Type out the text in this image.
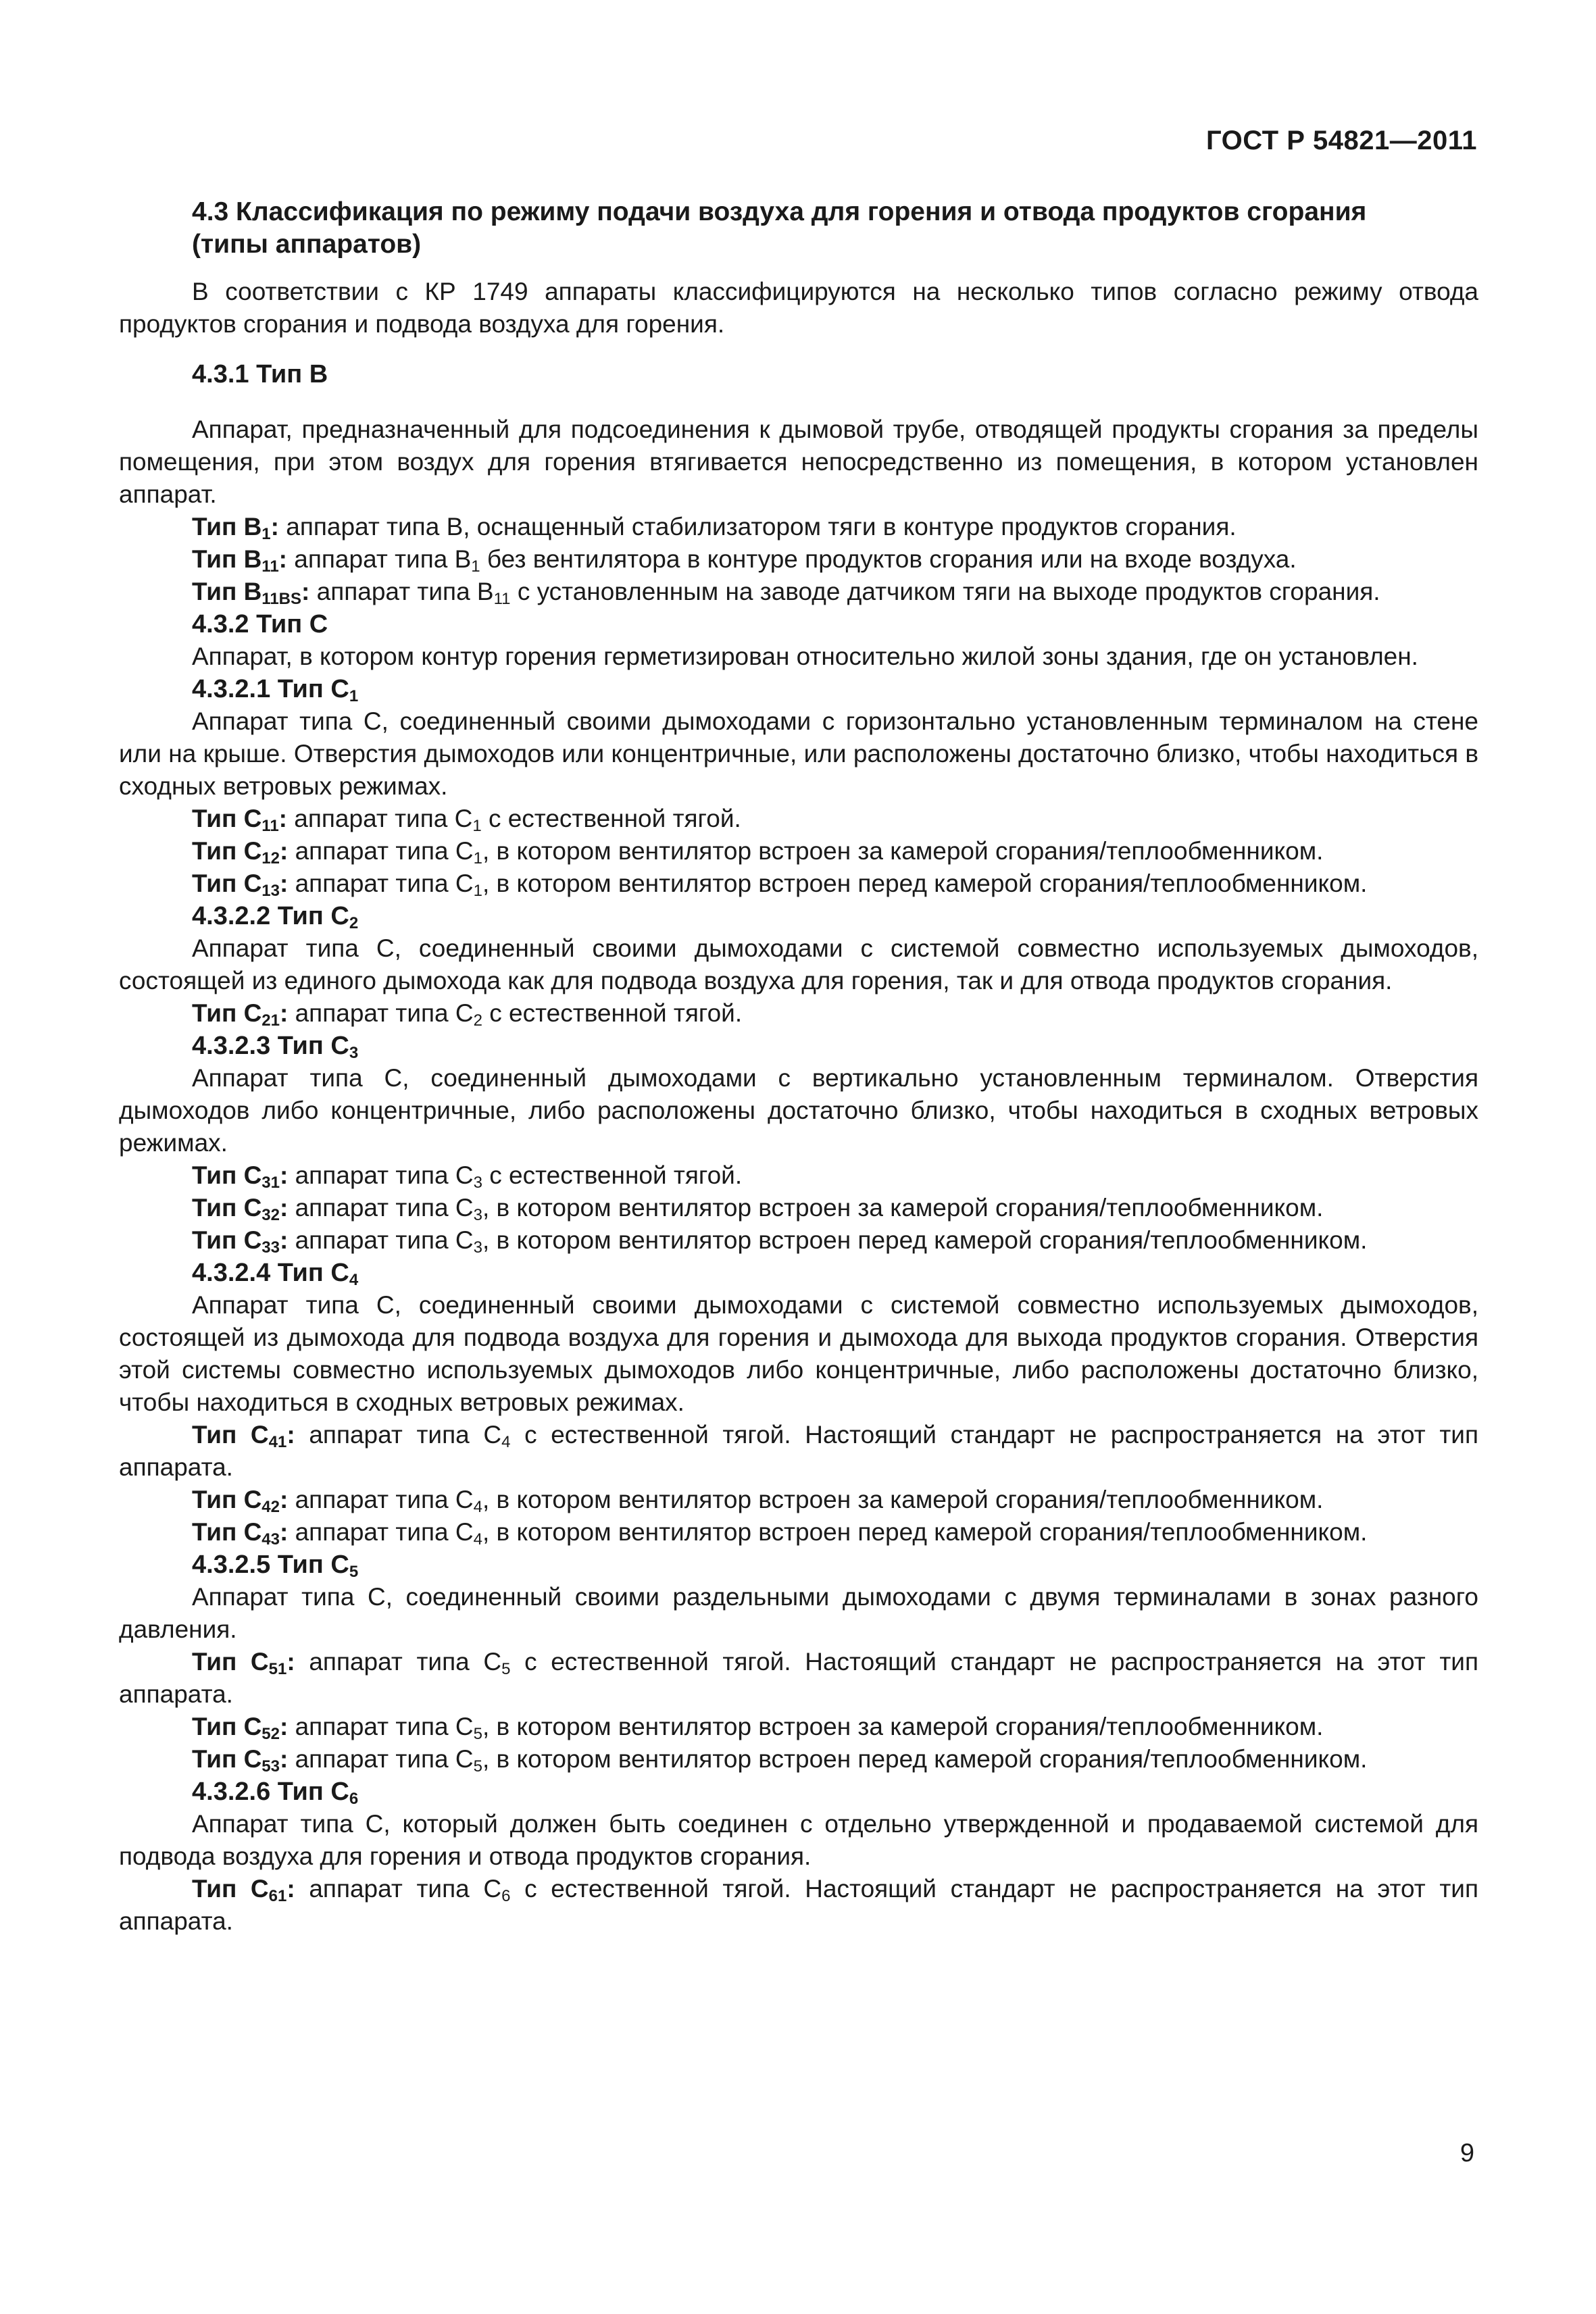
ГОСТ Р 54821—2011

4.3 Классификация по режиму подачи воздуха для горения и отвода продуктов сгорания
(типы аппаратов)

В соответствии с КР 1749 аппараты классифицируются на несколько типов согласно режиму отвода продуктов сгорания и подвода воздуха для горения.

4.3.1 Тип B

Аппарат, предназначенный для подсоединения к дымовой трубе, отводящей продукты сгорания за пределы помещения, при этом воздух для горения втягивается непосредственно из помещения, в котором установлен аппарат.

Тип $B_1$: аппарат типа B, оснащенный стабилизатором тяги в контуре продуктов сгорания.

Тип $B_{11}$: аппарат типа $B_1$ без вентилятора в контуре продуктов сгорания или на входе воздуха.

Тип $B_{11BS}$: аппарат типа $B_{11}$ с установленным на заводе датчиком тяги на выходе продуктов сгорания.

4.3.2 Тип C

Аппарат, в котором контур горения герметизирован относительно жилой зоны здания, где он установлен.

4.3.2.1 Тип $C_1$

Аппарат типа С, соединенный своими дымоходами с горизонтально установленным терминалом на стене или на крыше. Отверстия дымоходов или концентричные, или расположены достаточно близко, чтобы находиться в сходных ветровых режимах.

Тип $C_{11}$: аппарат типа $C_1$ с естественной тягой.

Тип $C_{12}$: аппарат типа $C_1$, в котором вентилятор встроен за камерой сгорания/теплообменником.

Тип $C_{13}$: аппарат типа $C_1$, в котором вентилятор встроен перед камерой сгорания/теплообменником.

4.3.2.2 Тип $C_2$

Аппарат типа С, соединенный своими дымоходами с системой совместно используемых дымоходов, состоящей из единого дымохода как для подвода воздуха для горения, так и для отвода продуктов сгорания.

Тип $C_{21}$: аппарат типа $C_2$ с естественной тягой.

4.3.2.3 Тип $C_3$

Аппарат типа С, соединенный дымоходами с вертикально установленным терминалом. Отверстия дымоходов либо концентричные, либо расположены достаточно близко, чтобы находиться в сходных ветровых режимах.

Тип $C_{31}$: аппарат типа $C_3$ с естественной тягой.

Тип $C_{32}$: аппарат типа $C_3$, в котором вентилятор встроен за камерой сгорания/теплообменником.

Тип $C_{33}$: аппарат типа $C_3$, в котором вентилятор встроен перед камерой сгорания/теплообменником.

4.3.2.4 Тип $C_4$

Аппарат типа С, соединенный своими дымоходами с системой совместно используемых дымоходов, состоящей из дымохода для подвода воздуха для горения и дымохода для выхода продуктов сгорания. Отверстия этой системы совместно используемых дымоходов либо концентричные, либо расположены достаточно близко, чтобы находиться в сходных ветровых режимах.

Тип $C_{41}$: аппарат типа $C_4$ с естественной тягой. Настоящий стандарт не распространяется на этот тип аппарата.

Тип $C_{42}$: аппарат типа $C_4$, в котором вентилятор встроен за камерой сгорания/теплообменником.

Тип $C_{43}$: аппарат типа $C_4$, в котором вентилятор встроен перед камерой сгорания/теплообменником.

4.3.2.5 Тип $C_5$

Аппарат типа С, соединенный своими раздельными дымоходами с двумя терминалами в зонах разного давления.

Тип $C_{51}$: аппарат типа $C_5$ с естественной тягой. Настоящий стандарт не распространяется на этот тип аппарата.

Тип $C_{52}$: аппарат типа $C_5$, в котором вентилятор встроен за камерой сгорания/теплообменником.

Тип $C_{53}$: аппарат типа $C_5$, в котором вентилятор встроен перед камерой сгорания/теплообменником.

4.3.2.6 Тип $C_6$

Аппарат типа С, который должен быть соединен с отдельно утвержденной и продаваемой системой для подвода воздуха для горения и отвода продуктов сгорания.

Тип $C_{61}$: аппарат типа $C_6$ с естественной тягой. Настоящий стандарт не распространяется на этот тип аппарата.

9
